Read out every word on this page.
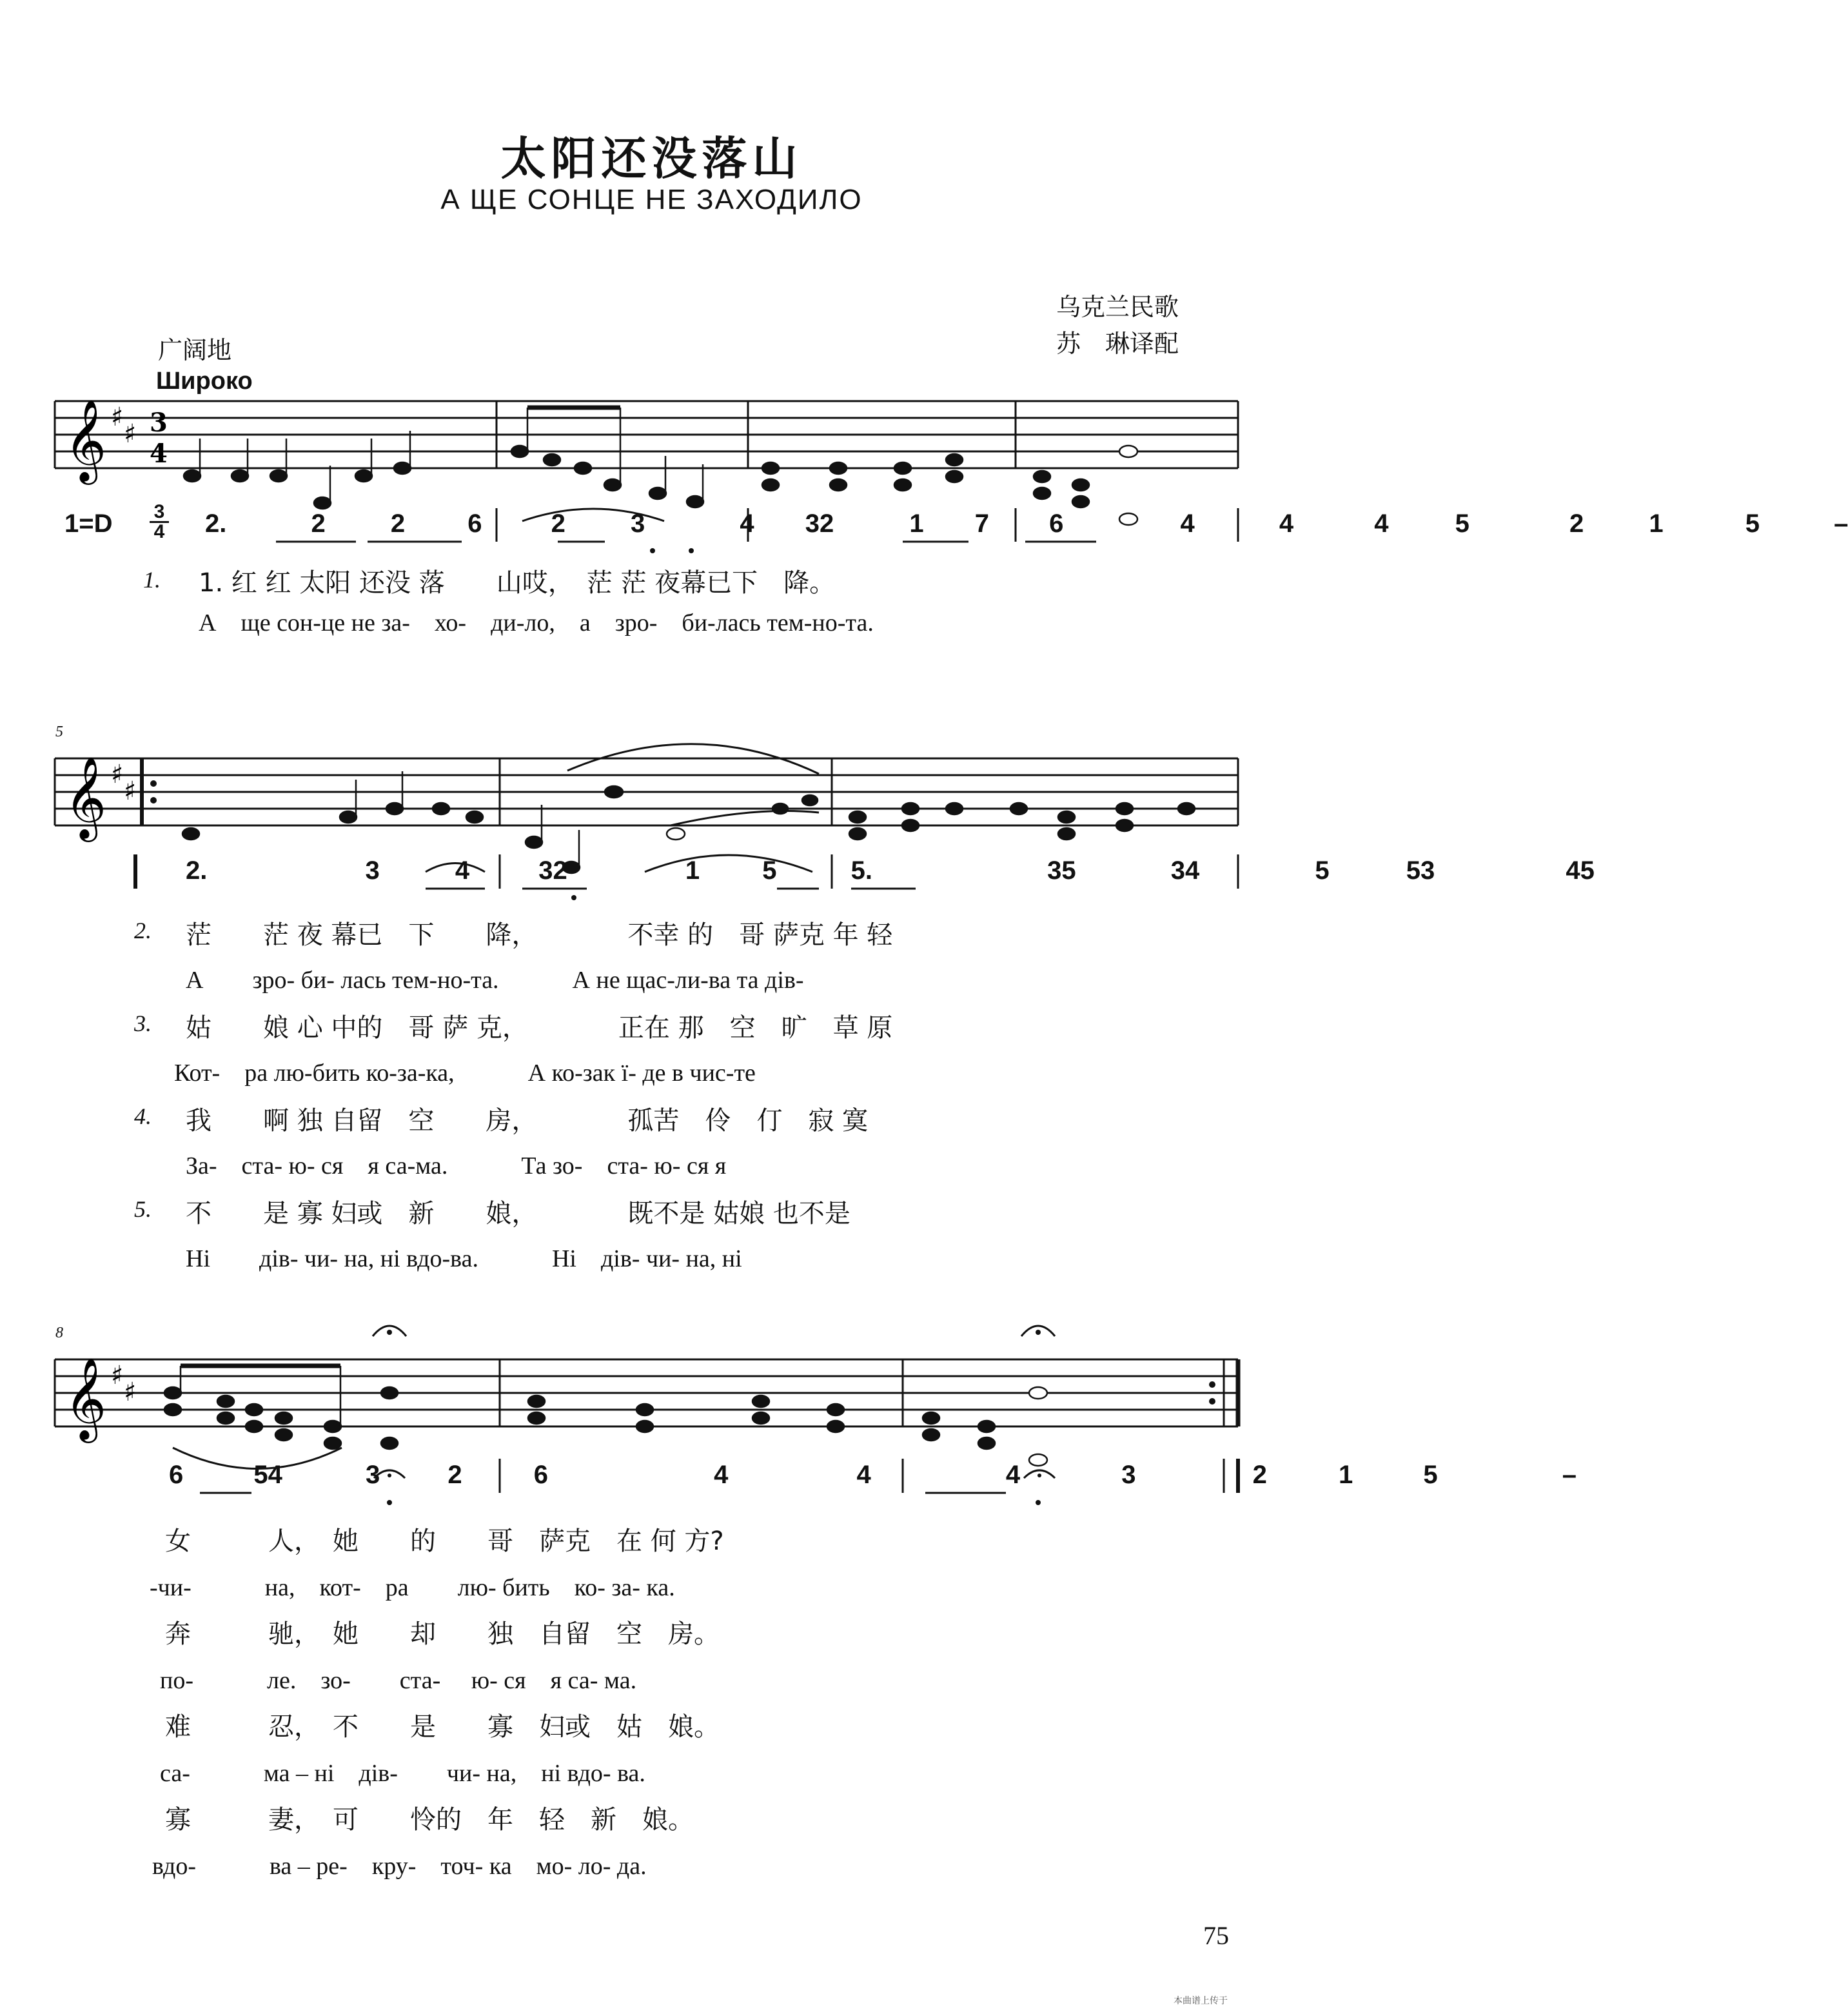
太阳还没落山
А ЩЕ СОНЦЕ НЕ ЗАХОДИЛО
乌克兰民歌
苏　琳译配
广阔地
Широко
𝄞 ♯
♯ 3
4
𝄞 ♯
♯
𝄞 ♯
♯
5
8
1=D 3
4	2.	2	2 6	2	3	4 32	1 7 6	4	4	4	5	2	1	5	–
1. 1. 红 红 太阳 还没 落　　山哎，　茫 茫 夜幕已下　降。
А　ще сон-це не за-　хо-　ди-ло,　а　зро-　би-лась тем-но-та.
2.	3	4	32	1 5	5.	35	34	5	53	45
2. 茫　　茫 夜 幕已　下　　降，　　　　不幸 的　哥 萨克 年 轻
А　　зро- би- лась тем-но-та.　　　А не щас-ли-ва та дів-
3. 姑　　娘 心 中的　哥 萨 克，　　　　正在 那　空　旷　草 原
Кот-　ра лю-бить ко-за-ка,　　　А ко-зак ї- де в чис-те
4. 我　　啊 独 自留　空　　房，　　　　孤苦　伶　仃　寂 寞
За-　ста- ю- ся　я са-ма.　　　Та зо-　ста- ю- ся я
5. 不　　是 寡 妇或　新　　娘，　　　　既不是 姑娘 也不是
Ні　　дів- чи- на, ні вдо-ва.　　　Ні　дів- чи- на, ні
6	54	3	2	6	4	4	4	3	2	1	5	–
女　　　人，　她　　的　　哥　萨克　在 何 方?
-чи-　　　на,　кот-　ра　　лю- бить　ко- за- ка.
奔　　　驰，　她　　却　　独　自留　空　房。
по-　　　ле.　зо-　　ста-　 ю- ся　я са- ма.
难　　　忍，　不　　是　　寡　妇或　姑　娘。
са-　　　ма – ні　дів-　　чи- на,　ні вдо- ва.
寡　　　妻，　可　　怜的　年　轻　新　娘。
вдо-　　　ва – ре-　кру-　точ- ка　мо- ло- да.
75
本曲谱上传于
